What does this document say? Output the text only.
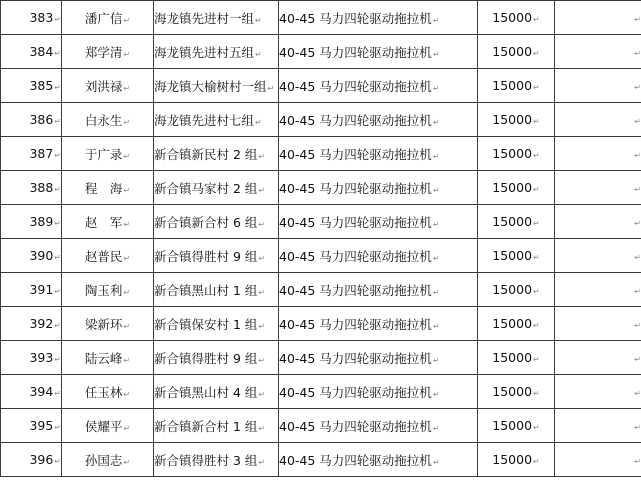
383↵	潘广信↵	海龙镇先进村一组↵	40-45 马力四轮驱动拖拉机↵	15000↵	↵
384↵	郑学清↵	海龙镇先进村五组↵	40-45 马力四轮驱动拖拉机↵	15000↵	↵
385↵	刘洪禄↵	海龙镇大榆树村一组↵	40-45 马力四轮驱动拖拉机↵	15000↵	↵
386↵	白永生↵	海龙镇先进村七组↵	40-45 马力四轮驱动拖拉机↵	15000↵	↵
387↵	于广录↵	新合镇新民村 2 组↵	40-45 马力四轮驱动拖拉机↵	15000↵	↵
388↵	程　海↵	新合镇马家村 2 组↵	40-45 马力四轮驱动拖拉机↵	15000↵	↵
389↵	赵　军↵	新合镇新合村 6 组↵	40-45 马力四轮驱动拖拉机↵	15000↵	↵
390↵	赵普民↵	新合镇得胜村 9 组↵	40-45 马力四轮驱动拖拉机↵	15000↵	↵
391↵	陶玉利↵	新合镇黑山村 1 组↵	40-45 马力四轮驱动拖拉机↵	15000↵	↵
392↵	梁新环↵	新合镇保安村 1 组↵	40-45 马力四轮驱动拖拉机↵	15000↵	↵
393↵	陆云峰↵	新合镇得胜村 9 组↵	40-45 马力四轮驱动拖拉机↵	15000↵	↵
394↵	任玉林↵	新合镇黑山村 4 组↵	40-45 马力四轮驱动拖拉机↵	15000↵	↵
395↵	侯耀平↵	新合镇新合村 1 组↵	40-45 马力四轮驱动拖拉机↵	15000↵	↵
396↵	孙国志↵	新合镇得胜村 3 组↵	40-45 马力四轮驱动拖拉机↵	15000↵	↵
